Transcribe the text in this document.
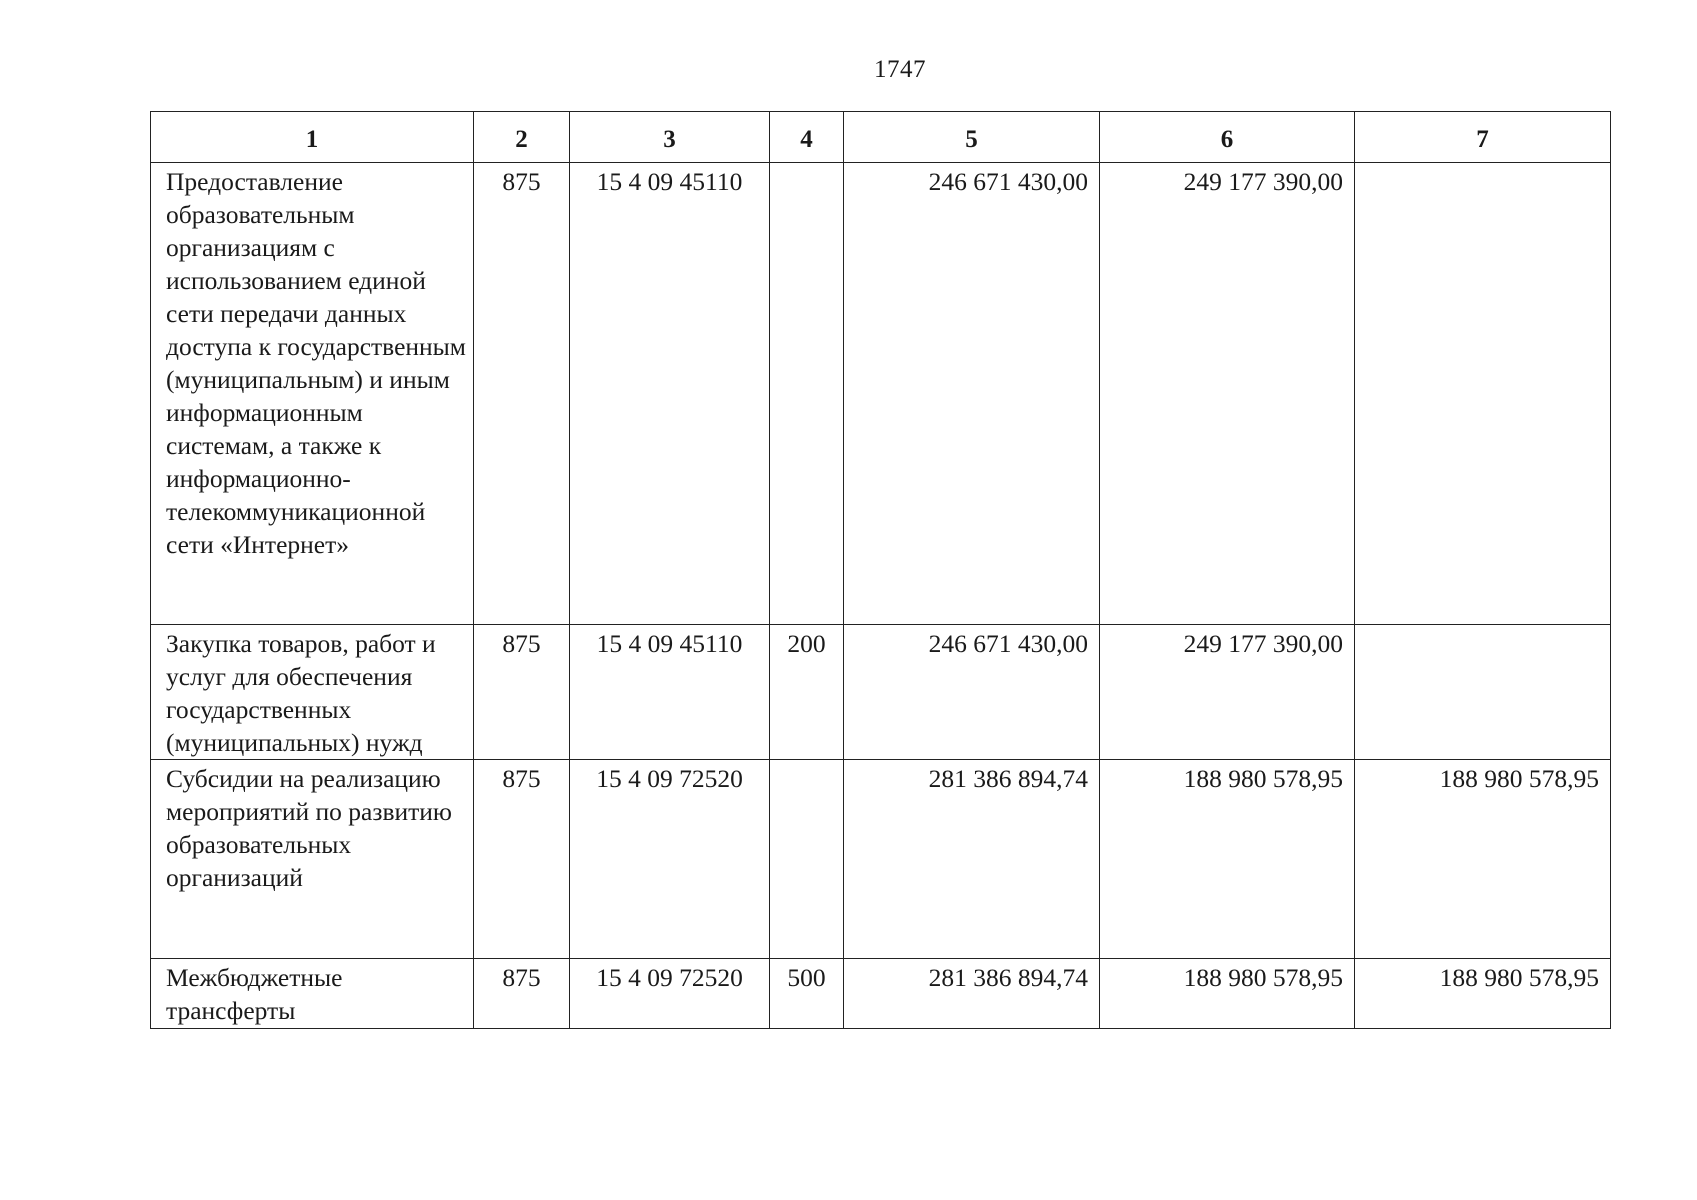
1747
1	2	3	4	5	6	7
Предоставление образовательным организациям с использованием единой сети передачи данных доступа к государственным (муниципальным) и иным информационным системам, а также к информационно-телекоммуникационной сети «Интернет»	875	15 4 09 45110		246 671 430,00	249 177 390,00	
Закупка товаров, работ и услуг для обеспечения государственных (муниципальных) нужд	875	15 4 09 45110	200	246 671 430,00	249 177 390,00	
Субсидии на реализацию мероприятий по развитию образовательных организаций	875	15 4 09 72520		281 386 894,74	188 980 578,95	188 980 578,95
Межбюджетные трансферты	875	15 4 09 72520	500	281 386 894,74	188 980 578,95	188 980 578,95
